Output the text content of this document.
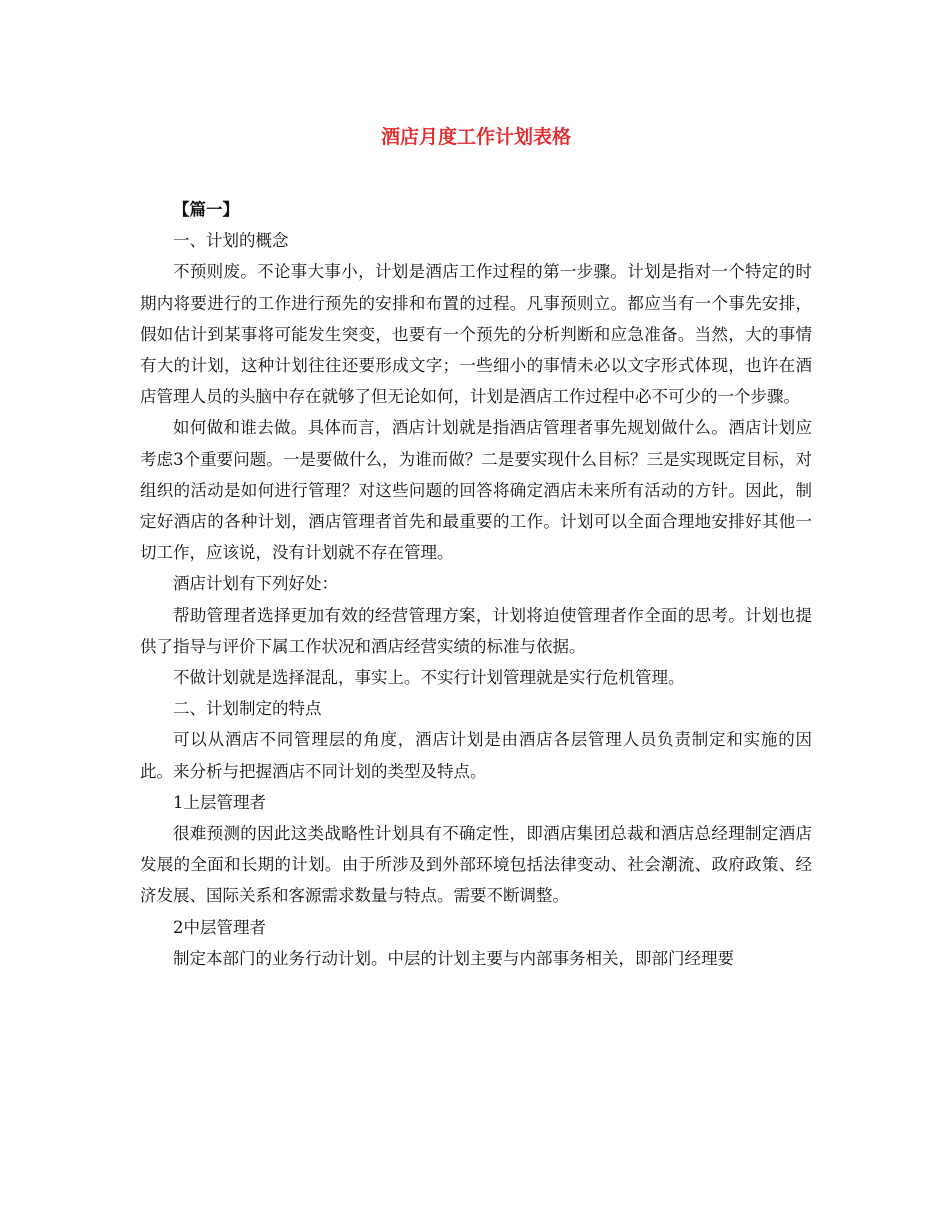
酒店月度工作计划表格

【篇一】

一、计划的概念

不预则废。不论事大事小，计划是酒店工作过程的第一步骤。计划是指对一个特定的时期内将要进行的工作进行预先的安排和布置的过程。凡事预则立。都应当有一个事先安排，假如估计到某事将可能发生突变，也要有一个预先的分析判断和应急准备。当然，大的事情有大的计划，这种计划往往还要形成文字；一些细小的事情未必以文字形式体现，也许在酒店管理人员的头脑中存在就够了但无论如何，计划是酒店工作过程中必不可少的一个步骤。

如何做和谁去做。具体而言，酒店计划就是指酒店管理者事先规划做什么。酒店计划应考虑3个重要问题。一是要做什么，为谁而做？二是要实现什么目标？三是实现既定目标，对组织的活动是如何进行管理？对这些问题的回答将确定酒店未来所有活动的方针。因此，制定好酒店的各种计划，酒店管理者首先和最重要的工作。计划可以全面合理地安排好其他一切工作，应该说，没有计划就不存在管理。

酒店计划有下列好处：

帮助管理者选择更加有效的经营管理方案，计划将迫使管理者作全面的思考。计划也提供了指导与评价下属工作状况和酒店经营实绩的标准与依据。

不做计划就是选择混乱，事实上。不实行计划管理就是实行危机管理。

二、计划制定的特点

可以从酒店不同管理层的角度，酒店计划是由酒店各层管理人员负责制定和实施的因此。来分析与把握酒店不同计划的类型及特点。

1上层管理者

很难预测的因此这类战略性计划具有不确定性，即酒店集团总裁和酒店总经理制定酒店发展的全面和长期的计划。由于所涉及到外部环境包括法律变动、社会潮流、政府政策、经济发展、国际关系和客源需求数量与特点。需要不断调整。

2中层管理者

制定本部门的业务行动计划。中层的计划主要与内部事务相关，即部门经理要
